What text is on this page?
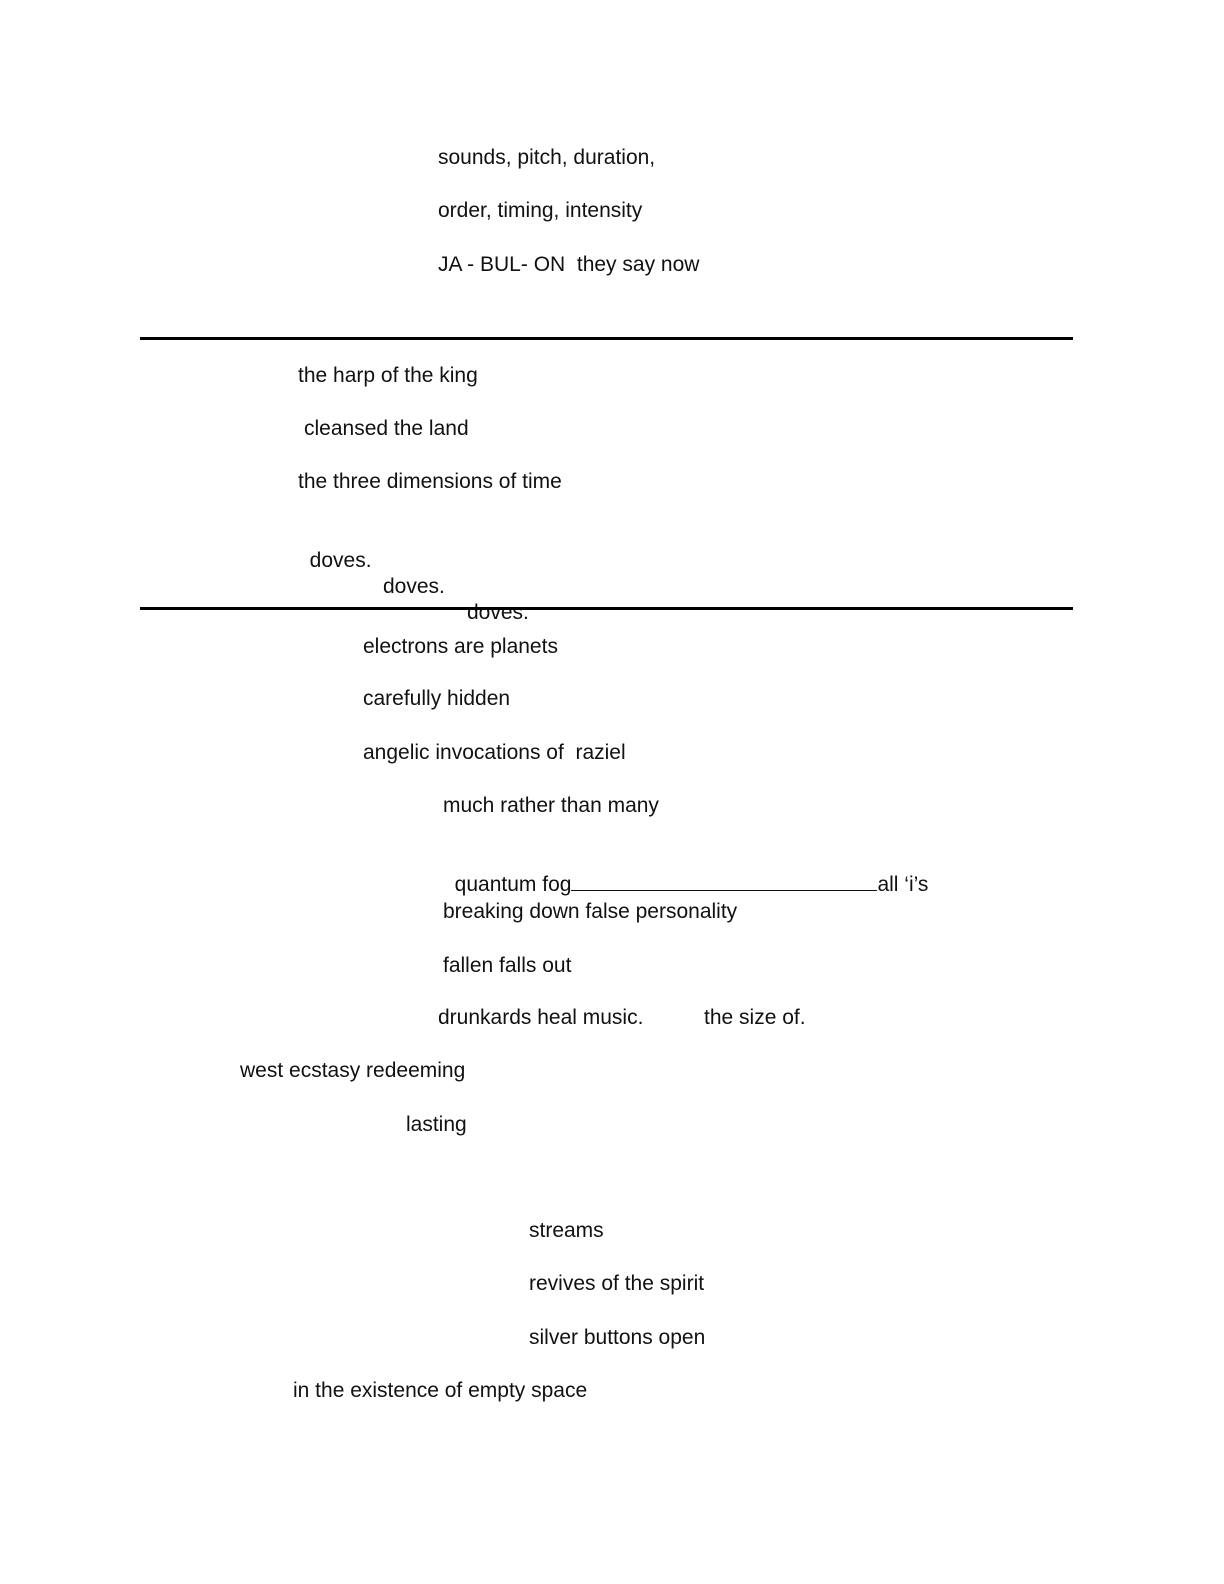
sounds, pitch, duration,

order, timing, intensity

JA - BUL- ON  they say now

the harp of the king

cleansed the land

the three dimensions of time

doves.

doves.

doves.

electrons are planets

carefully hidden

angelic invocations of  raziel

much rather than many

quantum fog	all ‘i’s

breaking down false personality

fallen falls out

drunkards heal music.	the size of.

west ecstasy redeeming

lasting

streams

revives of the spirit

silver buttons open

in the existence of empty space
